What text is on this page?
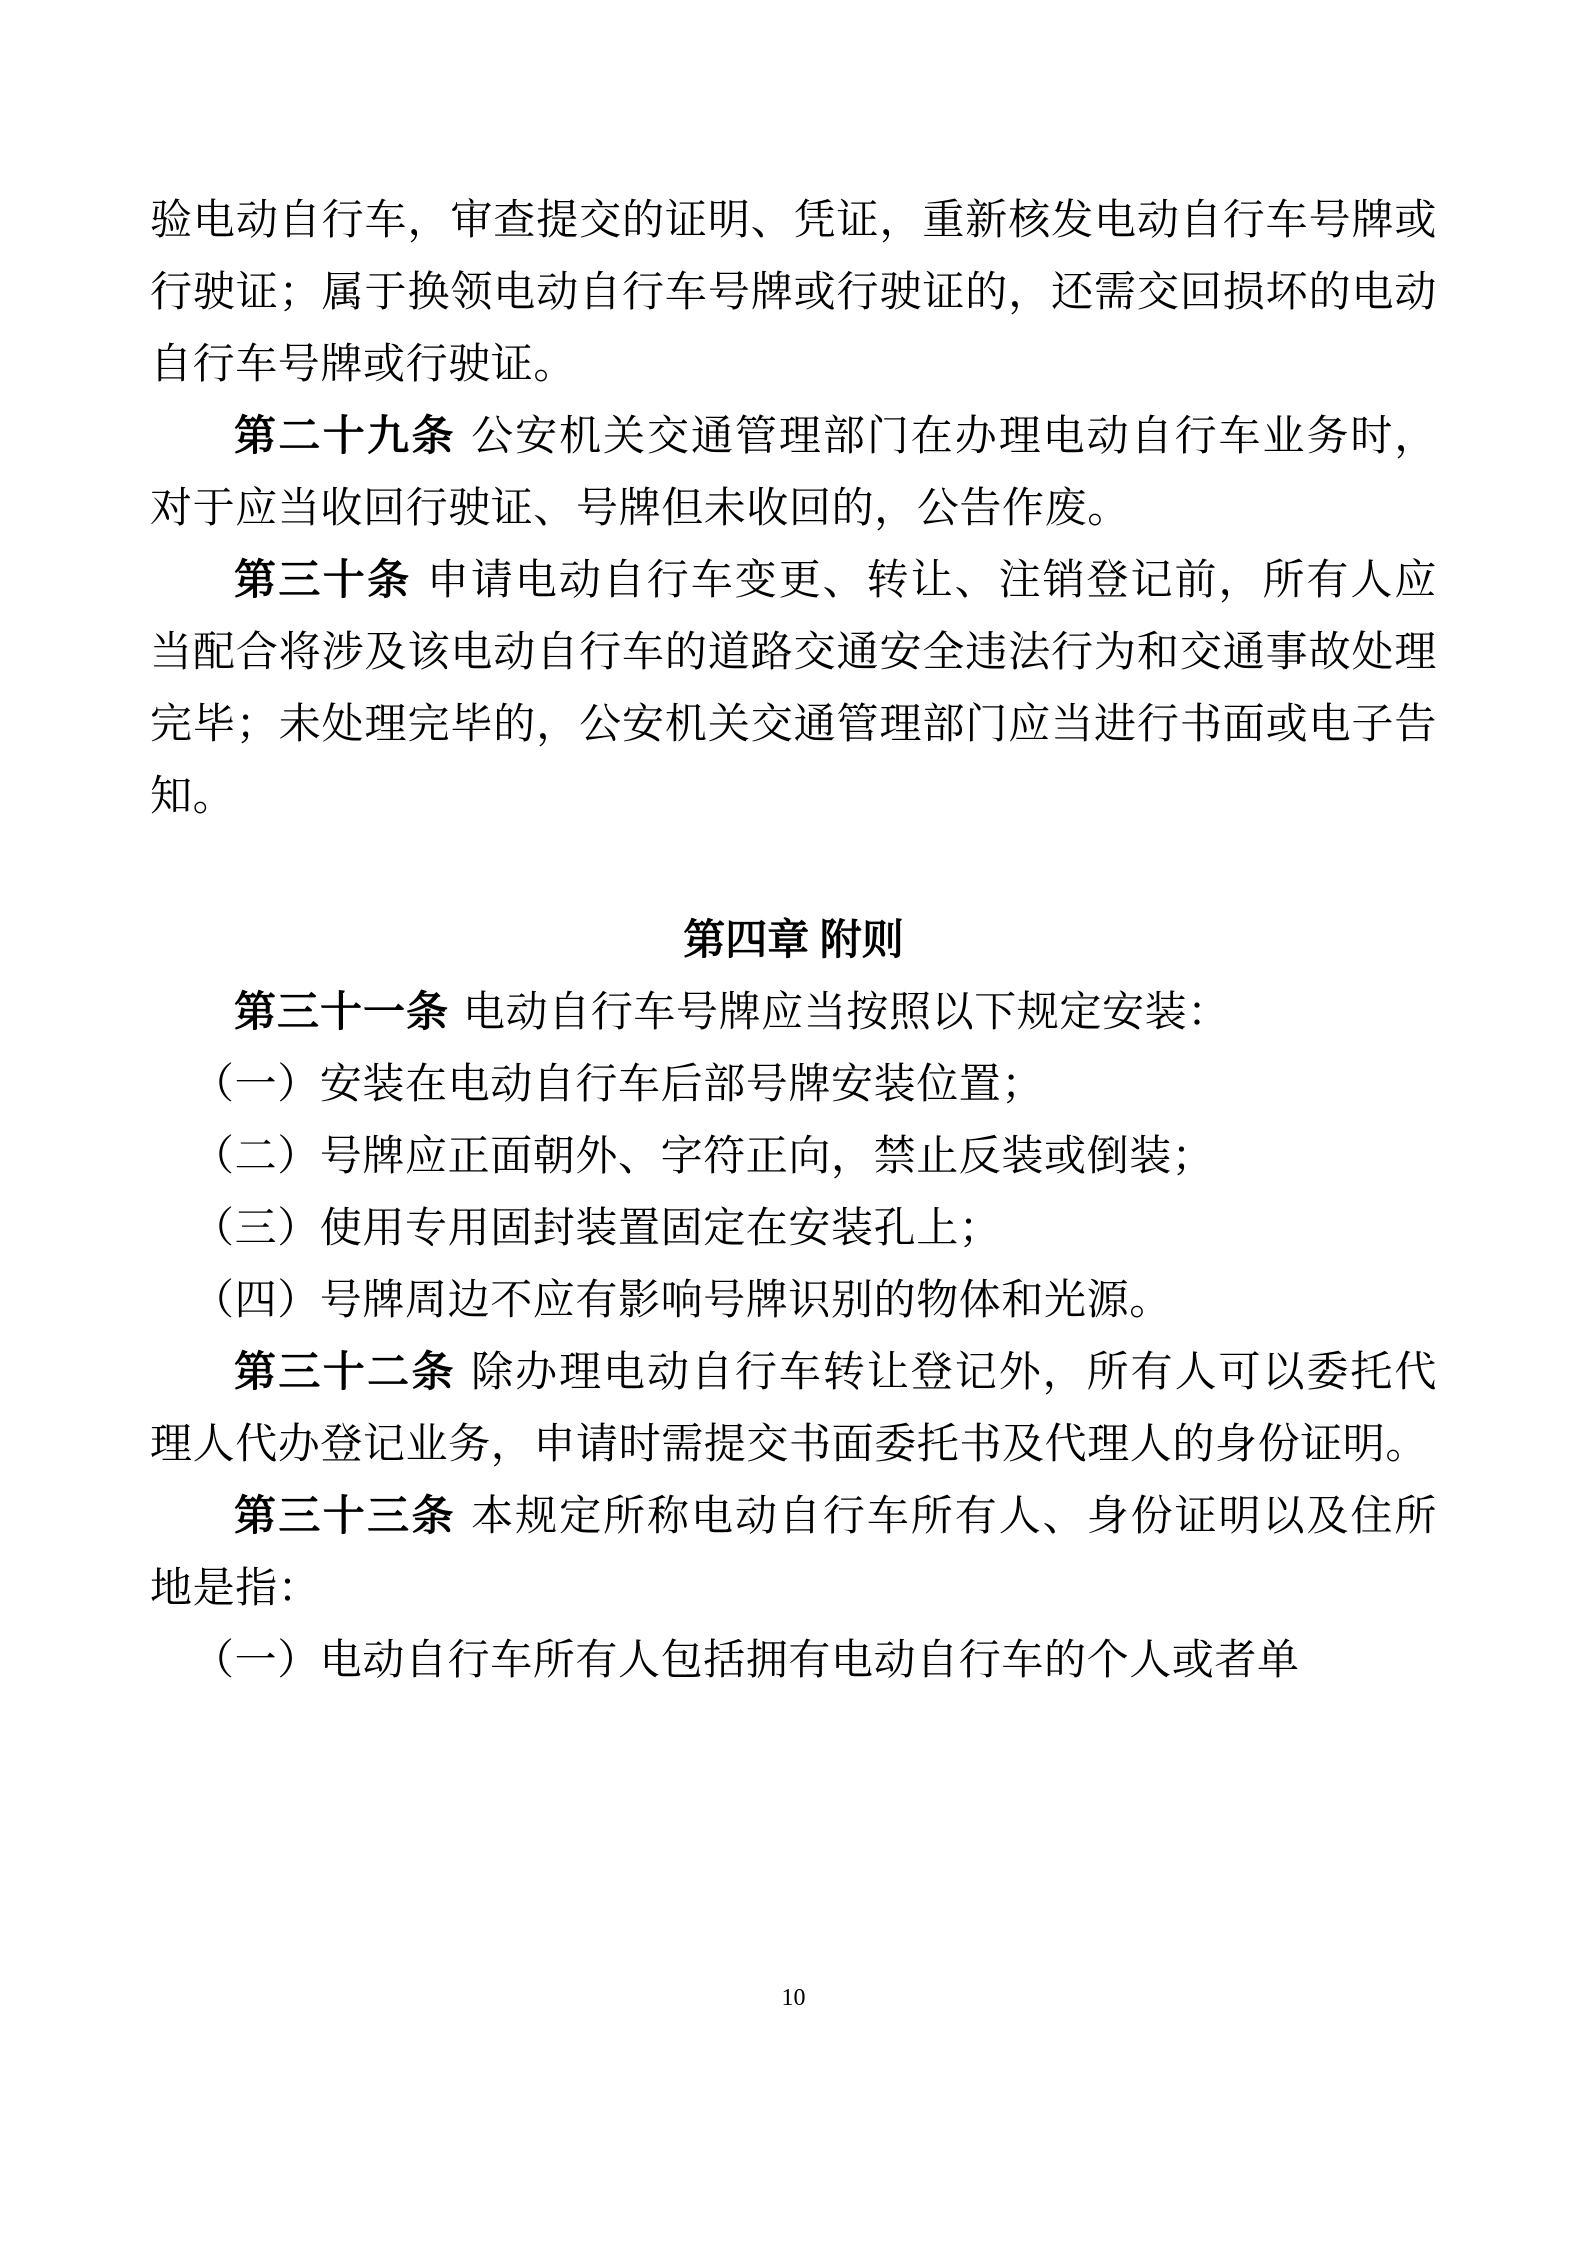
验电动自行车，审查提交的证明、凭证，重新核发电动自行车号牌或行驶证；属于换领电动自行车号牌或行驶证的，还需交回损坏的电动自行车号牌或行驶证。

第二十九条 公安机关交通管理部门在办理电动自行车业务时，对于应当收回行驶证、号牌但未收回的，公告作废。

第三十条 申请电动自行车变更、转让、注销登记前，所有人应当配合将涉及该电动自行车的道路交通安全违法行为和交通事故处理完毕；未处理完毕的，公安机关交通管理部门应当进行书面或电子告知。

第四章 附则

第三十一条 电动自行车号牌应当按照以下规定安装：

（一）安装在电动自行车后部号牌安装位置；

（二）号牌应正面朝外、字符正向，禁止反装或倒装；

（三）使用专用固封装置固定在安装孔上；

（四）号牌周边不应有影响号牌识别的物体和光源。

第三十二条 除办理电动自行车转让登记外，所有人可以委托代理人代办登记业务，申请时需提交书面委托书及代理人的身份证明。

第三十三条 本规定所称电动自行车所有人、身份证明以及住所地是指：

（一）电动自行车所有人包括拥有电动自行车的个人或者单

10
